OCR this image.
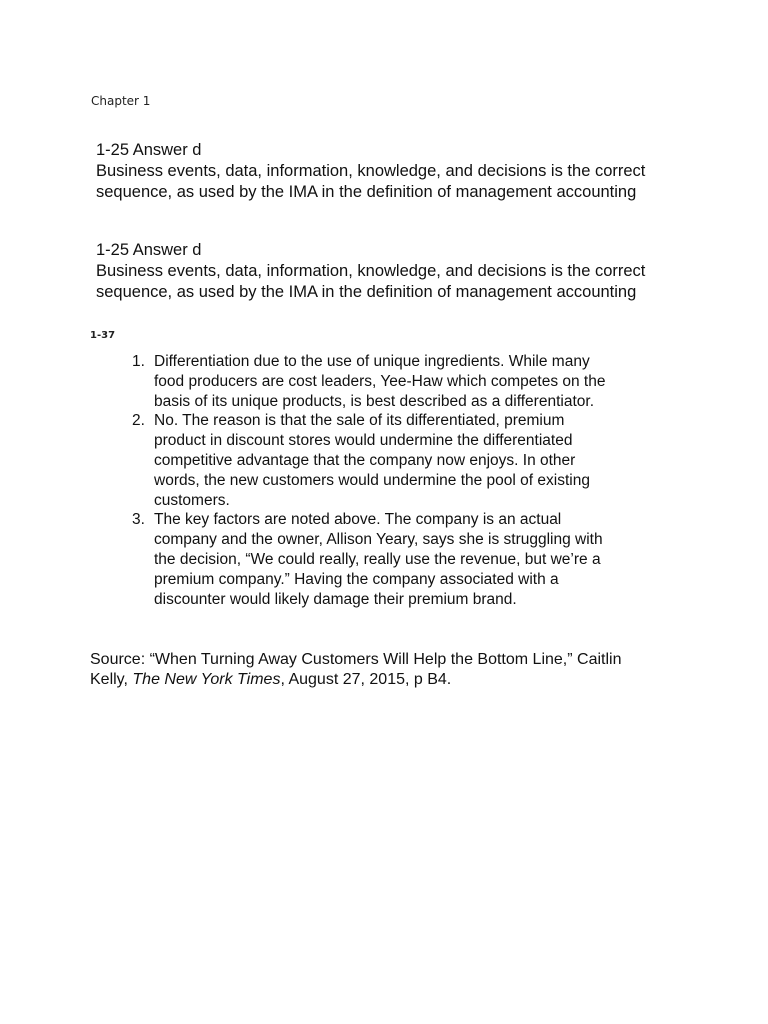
Chapter 1
1-25 Answer d
Business events, data, information, knowledge, and decisions is the correct
sequence, as used by the IMA in the definition of management accounting
1-25 Answer d
Business events, data, information, knowledge, and decisions is the correct
sequence, as used by the IMA in the definition of management accounting
1-37
1. Differentiation due to the use of unique ingredients. While many
food producers are cost leaders, Yee-Haw which competes on the
basis of its unique products, is best described as a differentiator.
2. No. The reason is that the sale of its differentiated, premium
product in discount stores would undermine the differentiated
competitive advantage that the company now enjoys. In other
words, the new customers would undermine the pool of existing
customers.
3. The key factors are noted above. The company is an actual
company and the owner, Allison Yeary, says she is struggling with
the decision, “We could really, really use the revenue, but we’re a
premium company.” Having the company associated with a
discounter would likely damage their premium brand.
Source: “When Turning Away Customers Will Help the Bottom Line,” Caitlin
Kelly, The New York Times, August 27, 2015, p B4.
